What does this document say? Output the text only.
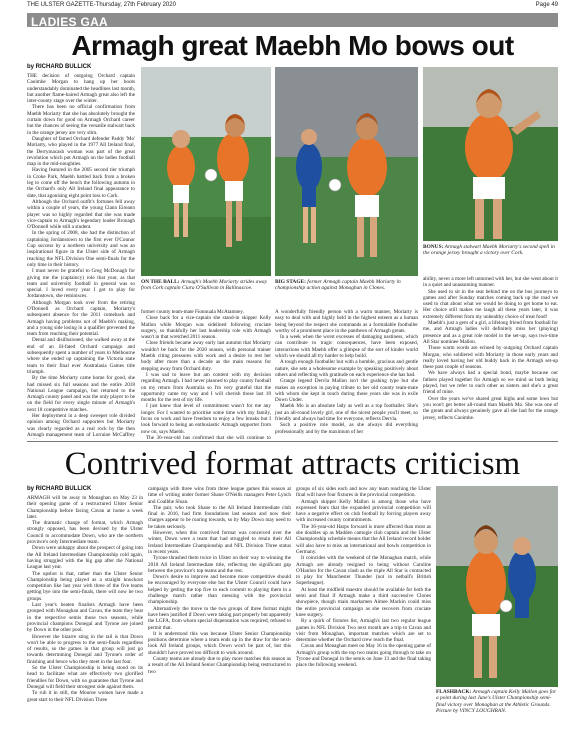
THE ULSTER GAZETTE-Thursday, 27th February 2020	Page 49
LADIES GAA
Armagh great Maebh Mo bows out
by RICHARD BULLICK

THE decision of outgoing Orchard captain Caoimhe Morgan to hang up her boots understandably dominated the headlines last month, but another flame-haired Armagh great also left the inter-county stage over the winter.

There has been no official confirmation from Maebh Moriarty that she has absolutely brought the curtain down for good on Armagh Orchard career but the chances of seeing the versatile stalwart back in the orange jersey are very slim.

Daughter of famed Orchard defender Paddy 'Mo' Moriarty, who played in the 1977 All Ireland final, the Derrymacash woman was part of the great revolution which put Armagh on the ladies football map in the mid-noughties.

Having featured in the 2005 second tier triumph in Croke Park, Maebh battled back from a broken leg to come off the bench the following autumn in the Orchard's only All Ireland final appearance to date, that agonising eight point loss to Cork.

Although the Orchard outfit's fortunes fell away within a couple of years, the young Clann Eireann player was so highly regarded that she was made vice-captain to Armagh's legendary leader Bronagh O'Donnell while still a student.

In the spring of 2008, she had the distinction of captaining Jordanstown to the first ever O'Connor Cup success by a northern university and was an inspirational figure in the Ulster side of Armagh reaching the NFL Division One semi-finals for the only time in their history.

I must never be grateful to Greg McDonagh for giving me the (captaincy) role that year, as that team and university football in general was so special. I loved every year I got to play for Jordanstown, she reminisces.

Although Morgan took over from the retiring O'Donnell as Orchard captain, Moriarty's subsequent absence for the 2011 comeback and Armagh having problems not of Maebh's making, and a young side losing in a qualifier prevented the team from reaching their potential.

Dental and disillusioned, she walked away at the end of an ill-fated Orchard campaign and subsequently spent a number of years in Melbourne where she ended up captaining the Victoria state team to their final ever Australasia Games title triumph.

By the time Moriarty came home for good, she had missed six full seasons and the entire 2018 National League campaign, but returned to the Armagh county panel and was the only player to be on the field for every single minute of Armagh's next 18 competitive matches.

Her deployment in a deep sweeper role divided opinion among Orchard supporters but Moriarty was clearly regarded as a real rock by the then Armagh management team of Lorraine McCaffrey

ON THE BALL: Armagh's Maebh Moriarty strides away from Cork captain Ciara O'Sullivan in Ballinascoe.
BIG STAGE: former Armagh captain Maebh Moriarty in championship action against Monaghan in Clones.
BONUS: Armagh stalwart Maebh Moriarty's second spell in the orange jersey brought a victory over Cork.

former county team-mate Fionnuala McAtamney.

Close back for a vice-captain she stand-in skipper Kelly Mallon while Morgan was sidelined following cruciate surgery, so thankfully her last leadership role with Armagh wasn't in that wretched 2011 season.

Close friends became away early last autumn that Moriarty wouldn't be back for the 2020 season, with personal trainer Maebh citing pressures with work and a desire to rest her body after more than a decade as the main reasons for stepping away from Orchard duty.

I was sad to leave but am content with my decision regarding Armagh. I had never planned to play county football on my return from Australia so I'm very grateful that the opportunity came my way and I will cherish those last 18 months for the rest of my life.

I just knew that level of commitment wasn't for me any longer. For I wanted to prioritise some time with my family, focus on work and have freedom to enjoy a few breaks but I look forward to being an enthusiastic Armagh supporter from now on, says Maebh.

The 36-year-old has confirmed that she will continue to

A wonderfully friendly person with a warm manner, Moriarty is easy to deal with and highly held in the highest esteem as a human being beyond the respect she commands as a formidable footballer worthy of a prominent place in the pantheon of Armagh greats.

In a week when the worst excesses of damaging nastiness, which can contribute to tragic consequences, have been exposed, interactions with Maebh offer a glimpse of the sort of kinder world which we should all try harder to help build.

A tough enough footballer but with a humble, gracious and gentle nature, she sets a wholesome example by speaking positively about others and reflecting with gratitude on each experience she has had.

Grange legend Dervla Mallon isn't the gushing type but she makes an exception in paying tribute to her old county team-mate with whom she kept in touch during those years she was in exile Down Under.

Maebh Mo is an absolute lady as well as a top footballer. She's just an all-round lovely girl, one of the nicest people you'll meet, so friendly and always had time for everyone, reflects Dervla.

Such a positive role model, as she always did everything professionally and by the maximum of her

ability, never a more left unturned with her, but she went about it in a quiet and unassuming manner.

She used to sit in the seat behind me on the bus journeys to games and after Sunday matches coming back up the road we used to chat about what we would be doing to get home to eat. Her choice still makes me laugh all these years later, it was extremely different from my unhealthy choice of treat food!

Maebh's just a gem of a girl, a lifelong friend from football for me, and Armagh ladies will definitely miss her (playing) presence and as a great role model in the set-up, says two-time All Star nominee Mallon.

Those warm words are echoed by outgoing Orchard captain Morgan, who soldiered with Moriarty in those early years and really loved having her old buddy back in the Armagh set-up these past couple of seasons.

We have always had a special bond, maybe because our fathers played together for Armagh so we mind us both being played, but we refer to each other as sisters and she's a great friend of mine.

Over the years we've shared great highs and some lows but you won't get better all-round than Maebh Mo. She was one of the greats and always genuinely gave all she had for the orange jersey, reflects Caoimhe.

Contrived format attracts criticism
by RICHARD BULLICK

ARMAGH will be away to Monaghan on May 23 in their opening game of a restructured Ulster Senior Championship before facing Cavan at home a week later.

The dramatic change of format, which Armagh strongly opposed, has been devised by the Ulster Council to accommodate Down, who are the northern province's only Intermediate team.

Down were unhappy about the prospect of going into the All Ireland Intermediate Championship cold again, having struggled with the big gap after the National League last year.

The upshot is that, rather than the Ulster Senior Championship being played as a straight knockout competition like last year with three of the five teams getting bye into the semi-finals, there will now be two groups.

Last year's beaten finalists Armagh have been grouped with Monaghan and Cavan, the team they beat in the respective semis those two seasons, while provincial champions Donegal and Tyrone are joined by Down in the other pool.

However the bizarre sting in the tail is that Down won't be able to progress to the semi-finals regardless of results, so the games in that group will just go towards determining Donegal and Tyrone's order of finishing and hence who they meet in the last four.

So the Ulster Championship is being stood on its head to facilitate what are effectively two glorified friendlies for Down, with no guarantee that Tyrone and Donegal will field their strongest side against them.

To rub it in still, the Mourne women have made a great start to their NFL Division Three

campaign with three wins from three league games this season at time of writing under former Shane O'Neills managers Peter Lynch and Coalbhe Sloan.

The pair, who took Shane to the All Ireland Intermediate club final in 2016, had firm foundations last season and now their charges appear to be roaring towards, so by May Down may need to be taken seriously.

However, when this contrived format was conceived over the winter, Down were a team that had struggled to retain their All Ireland Intermediate Championship and NFL Division Three status in recent years.

Tyrone thrashed them twice in Ulster on their way to winning the 2018 All Ireland Intermediate title, reflecting the significant gap between the province's top teams and the rest.

Down's desire to improve and become more competitive should be encouraged by everyone else but the Ulster Council could have helped by getting the top five to each commit to playing them in a challenge match rather than messing with the provincial championship.

Alternatively the move to the two groups of three format might have been justified if Down were taking part properly but apparently the LGFA, from whom special dispensation was required, refused to permit that.

It is understood this was because Ulster Senior Championship positions determine where a team ends up in the draw for the next-look All Ireland groups, which Down won't be part of, but this shouldn't have proved too difficult to work around.

County teams are already due to play more matches this season as a result of the All Ireland Senior Championship being restructured to two

groups of six sides each and now any team reaching the Ulster final will have four fixtures in the provincial competition.

Armagh skipper Kelly Mallon is among those who have expressed fears that the expanded provincial competition will have a negative effect on club football by forcing players away with increased county commitments.

The 36-year-old Harps forward is more affected than most as she doubles up as Madden camogie club captain and the Ulster Championship schedule means that the All Ireland record holder will also have to miss an international and bowls competition in Germany.

It coincides with the weekend of the Monaghan match, while Armagh are already resigned to being without Caroline O'Hanlon for the Cavan clash as the triple All Star is contracted to play for Manchester Thunder (not in netball's British Superleague).

At least the midfield maestro should be available for both the semi and final if Armagh make a third successive Clones showpiece, though main marksmen Aimee Mackin could miss the entire provincial campaign as she recovers from cruciate knee surgery.

By a quirk of fixtures list, Armagh's last two regular league games in NFL Division Two next month are a trip to Cavan and visit from Monaghan, important matches which are set to determine whether the Orchard crew reach the final.

Cavan and Monaghan meet on May 16 in the opening game of Armagh's group with the top two teams going through to take on Tyrone and Donegal in the semis on June 13 and the final taking place the following weekend.

FLASHBACK: Armagh captain Kelly Mallon goes for a point during last June's Ulster Championship semi-final victory over Monaghan at the Athletic Grounds. Picture by VINCY LOUGHRAN.
